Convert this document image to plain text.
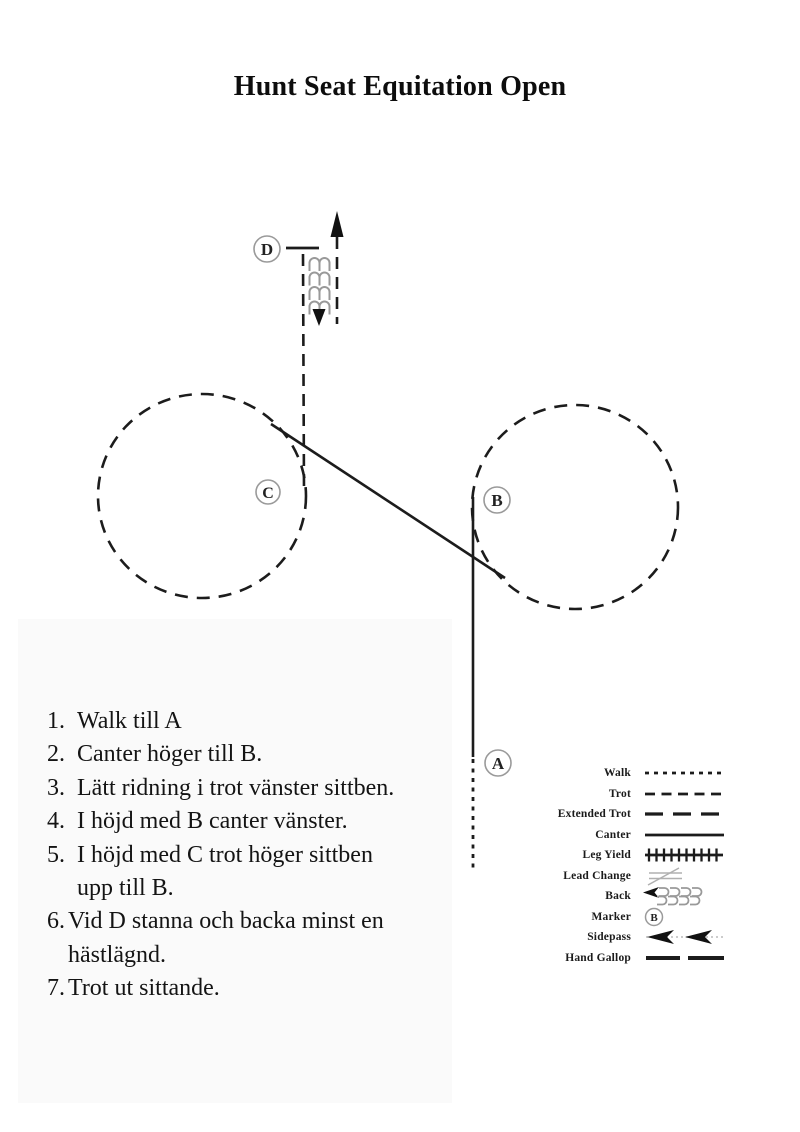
Hunt Seat Equitation Open
D
C	B
A
1. Walk till A
2. Canter höger till B.
3. Lätt ridning i trot vänster sittben.
4. I höjd med B canter vänster.
5. I höjd med C trot höger sittben
upp till B.
6. Vid D stanna och backa minst en
hästlägnd.
7. Trot ut sittande.
Walk
Trot
Extended Trot
Canter
Leg Yield
Lead Change
Back
Marker B
Sidepass
Hand Gallop
